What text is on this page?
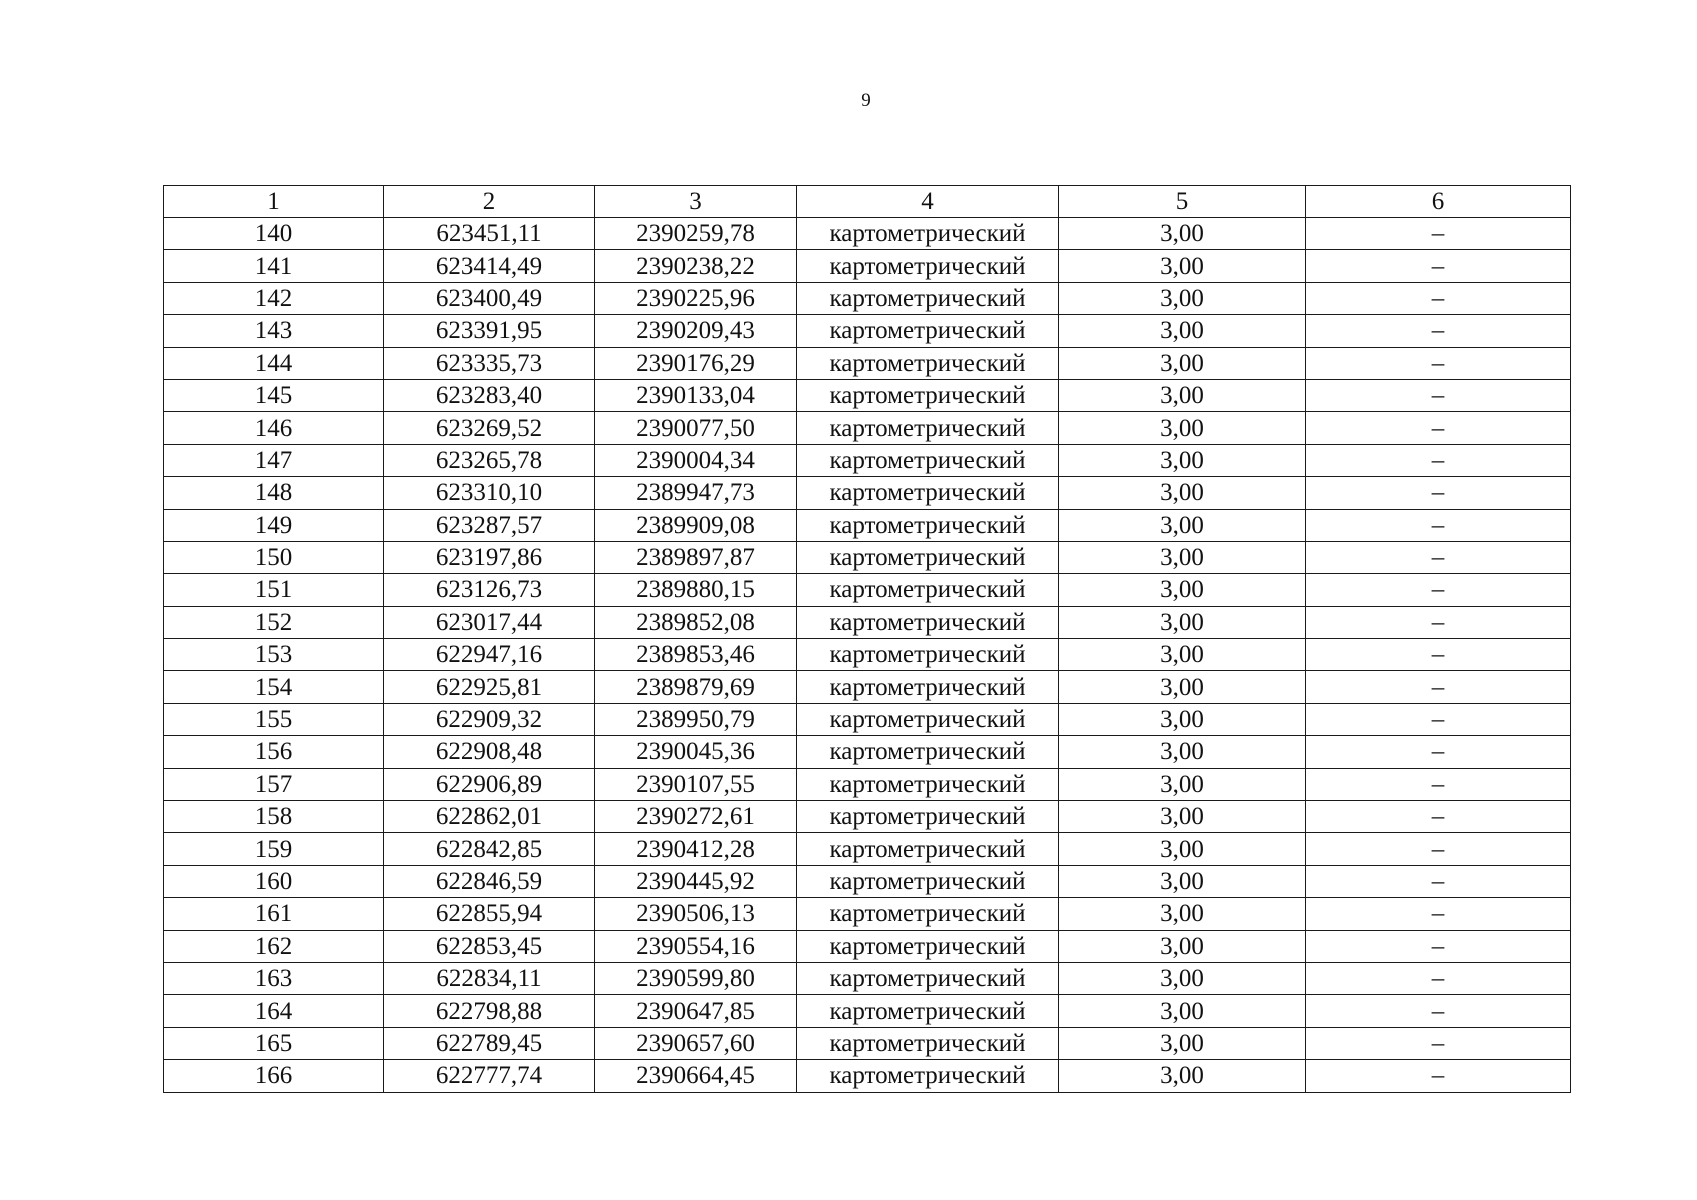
9
1	2	3	4	5	6
140	623451,11	2390259,78	картометрический	3,00	–
141	623414,49	2390238,22	картометрический	3,00	–
142	623400,49	2390225,96	картометрический	3,00	–
143	623391,95	2390209,43	картометрический	3,00	–
144	623335,73	2390176,29	картометрический	3,00	–
145	623283,40	2390133,04	картометрический	3,00	–
146	623269,52	2390077,50	картометрический	3,00	–
147	623265,78	2390004,34	картометрический	3,00	–
148	623310,10	2389947,73	картометрический	3,00	–
149	623287,57	2389909,08	картометрический	3,00	–
150	623197,86	2389897,87	картометрический	3,00	–
151	623126,73	2389880,15	картометрический	3,00	–
152	623017,44	2389852,08	картометрический	3,00	–
153	622947,16	2389853,46	картометрический	3,00	–
154	622925,81	2389879,69	картометрический	3,00	–
155	622909,32	2389950,79	картометрический	3,00	–
156	622908,48	2390045,36	картометрический	3,00	–
157	622906,89	2390107,55	картометрический	3,00	–
158	622862,01	2390272,61	картометрический	3,00	–
159	622842,85	2390412,28	картометрический	3,00	–
160	622846,59	2390445,92	картометрический	3,00	–
161	622855,94	2390506,13	картометрический	3,00	–
162	622853,45	2390554,16	картометрический	3,00	–
163	622834,11	2390599,80	картометрический	3,00	–
164	622798,88	2390647,85	картометрический	3,00	–
165	622789,45	2390657,60	картометрический	3,00	–
166	622777,74	2390664,45	картометрический	3,00	–
